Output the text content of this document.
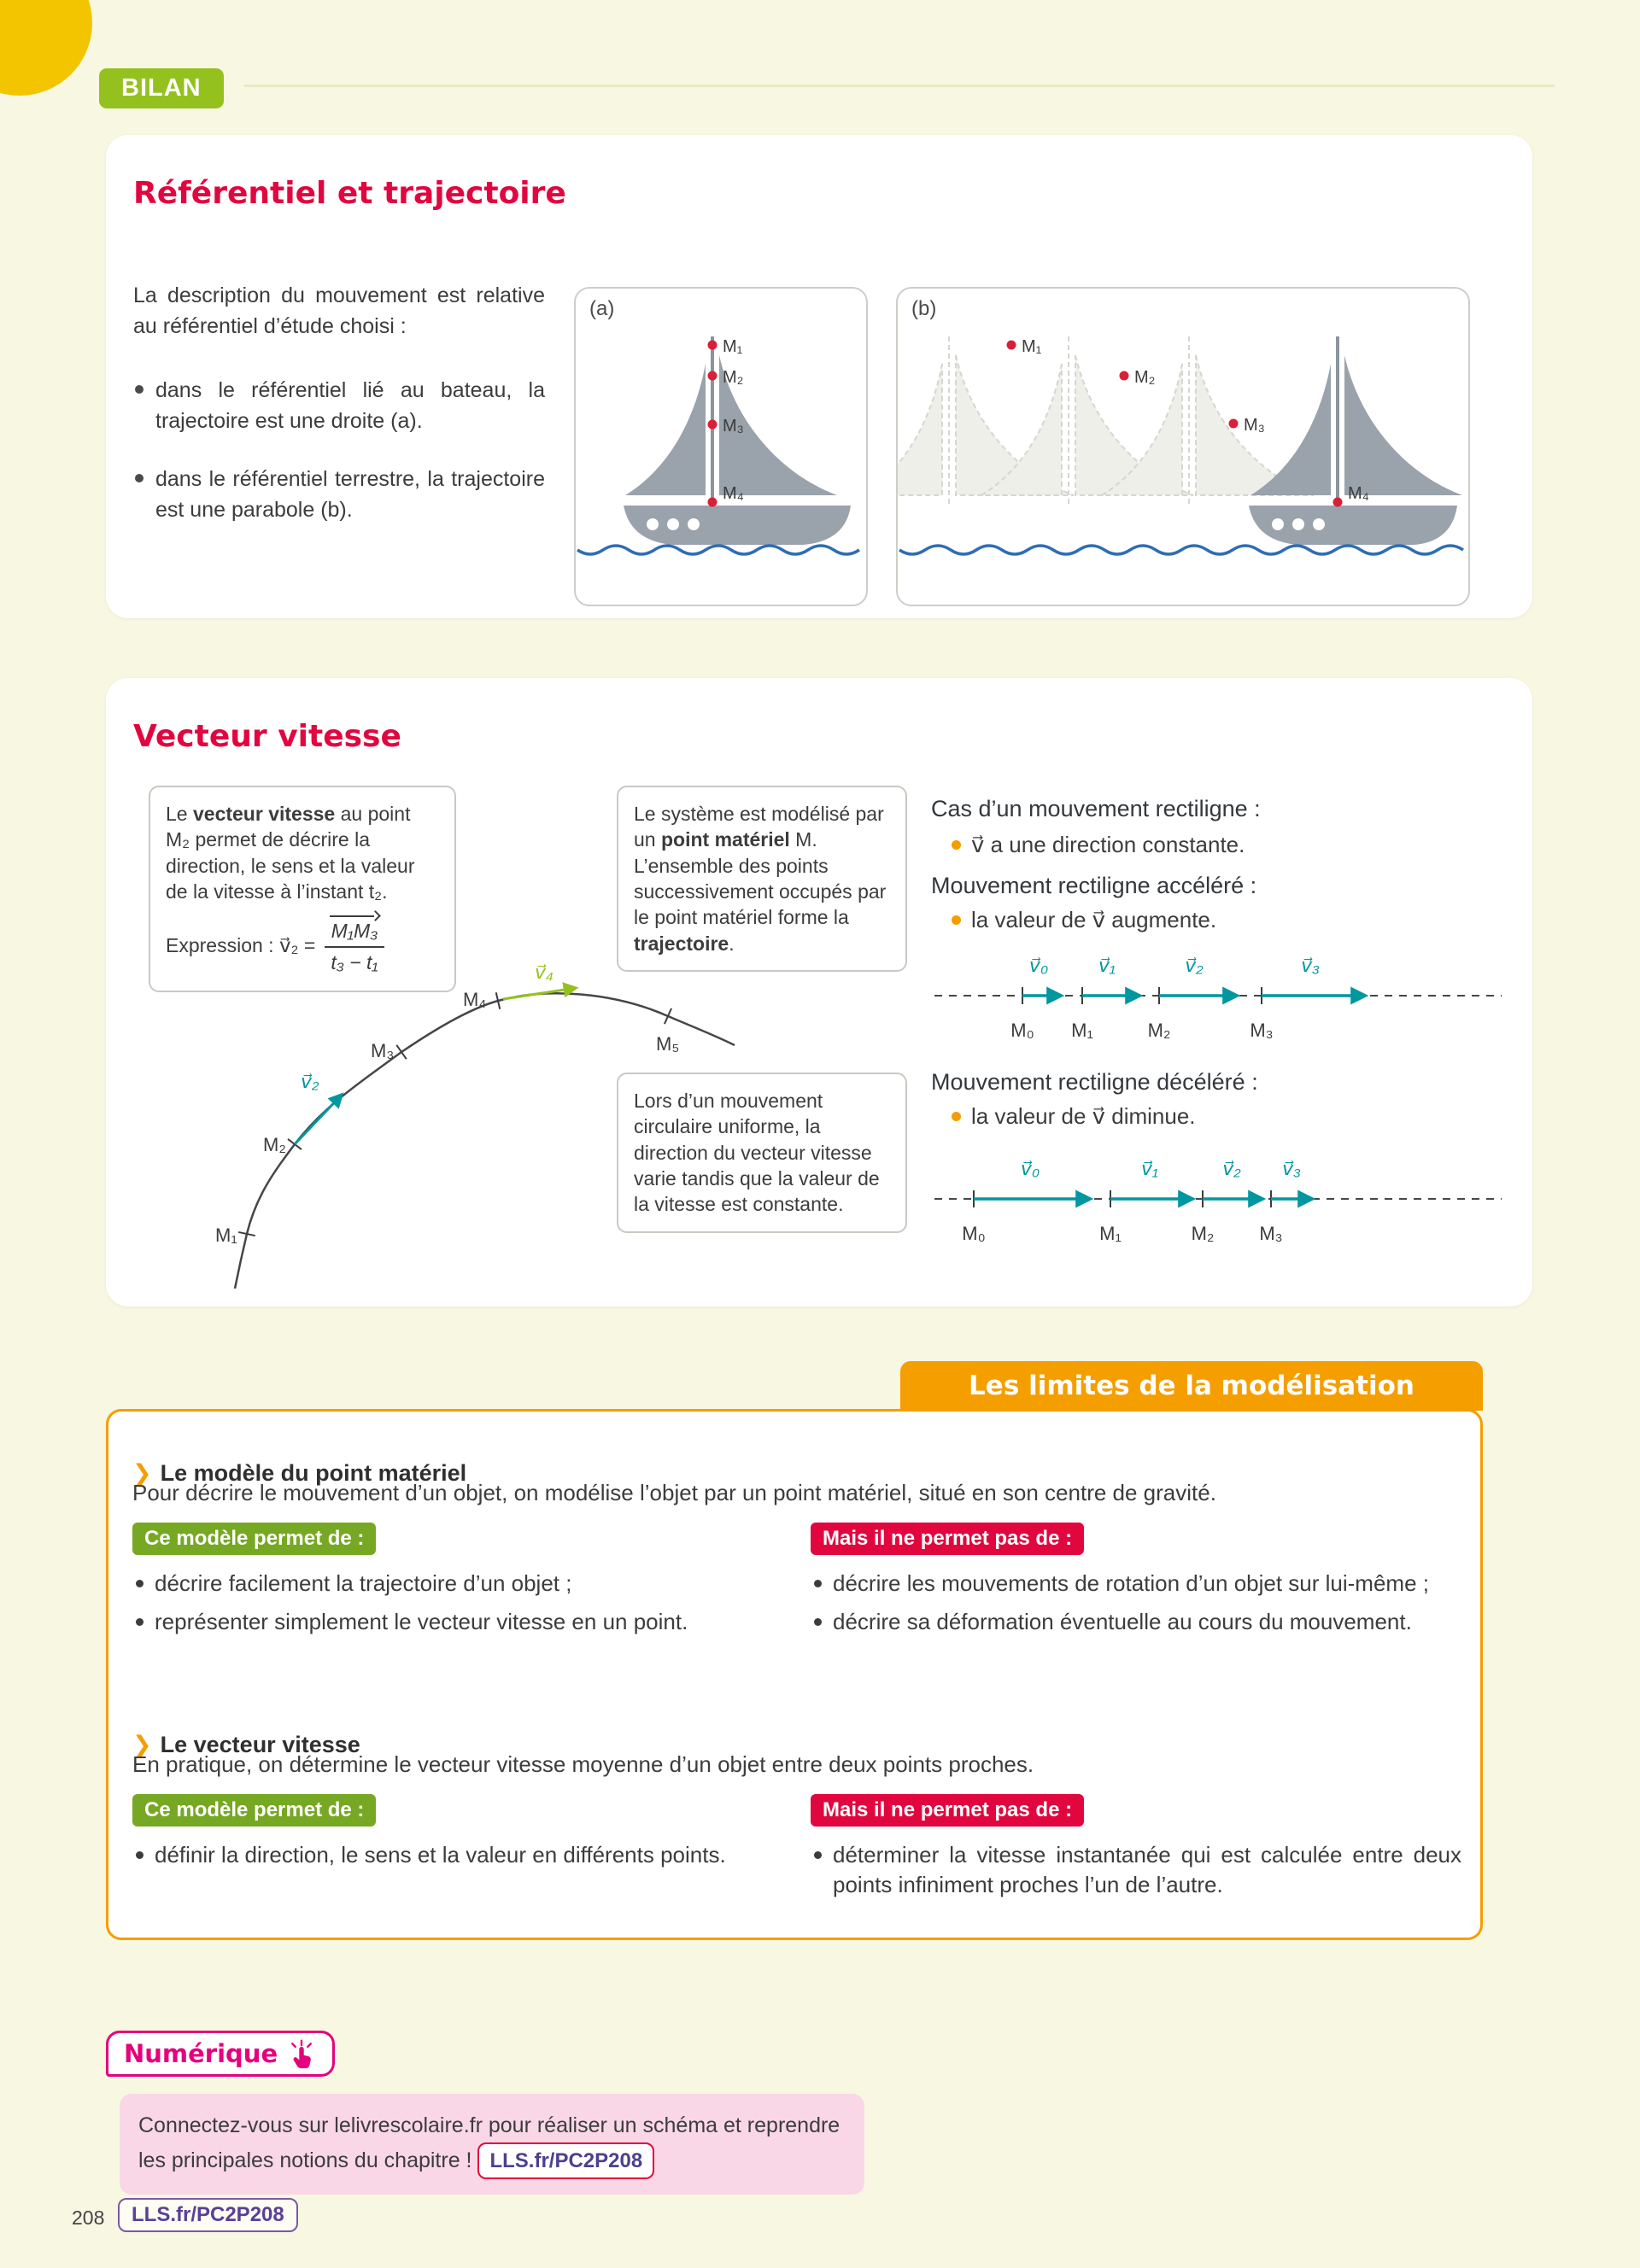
BILAN
Référentiel et trajectoire

La description du mouvement est relative au référentiel d’étude choisi :

dans le référentiel lié au bateau, la trajectoire est une droite (a).
dans le référentiel terrestre, la trajectoire est une parabole (b).
(a)
M₁
M₂
M₃
M₄
(b)
M₁
M₂
M₃
M₄
Vecteur vitesse
Le vecteur vitesse au point M₂ permet de décrire la direction, le sens et la valeur de la vitesse à l’instant t₂.
Expression : v⃗₂ = $\frac{\text{M₁M₃}}{\text{t₃ − t₁}}$
Le système est modélisé par un point matériel M. L’ensemble des points successivement occupés par le point matériel forme la trajectoire.
Lors d’un mouvement circulaire uniforme, la direction du vecteur vitesse varie tandis que la valeur de la vitesse est constante.
M₁
M₂
M₃
M₄
M₅
v⃗₂
v⃗₄
Cas d’un mouvement rectiligne :
v⃗ a une direction constante.
Mouvement rectiligne accéléré :
la valeur de v⃗ augmente.
v⃗₀	v⃗₁	v⃗₂	v⃗₃
M₀ M₁	M₂	M₃
Mouvement rectiligne décéléré :
la valeur de v⃗ diminue.
v⃗₀	v⃗₁	v⃗₂ v⃗₃
M₀	M₁	M₂ M₃
Les limites de la modélisation
❯ Le modèle du point matériel

Pour décrire le mouvement d’un objet, on modélise l’objet par un point matériel, situé en son centre de gravité.

Ce modèle permet de :	Mais il ne permet pas de :
décrire facilement la trajectoire d’un objet ;
représenter simplement le vecteur vitesse en un point.
décrire les mouvements de rotation d’un objet sur lui-même ;
décrire sa déformation éventuelle au cours du mouvement.
❯ Le vecteur vitesse

En pratique, on détermine le vecteur vitesse moyenne d’un objet entre deux points proches.

Ce modèle permet de :	Mais il ne permet pas de :
définir la direction, le sens et la valeur en différents points.	déterminer la vitesse instantanée qui est calculée entre deux points infiniment proches l’un de l’autre.
Numérique
Connectez-vous sur lelivrescolaire.fr pour réaliser un schéma et reprendre les principales notions du chapitre ! LLS.fr/PC2P208
208	LLS.fr/PC2P208
